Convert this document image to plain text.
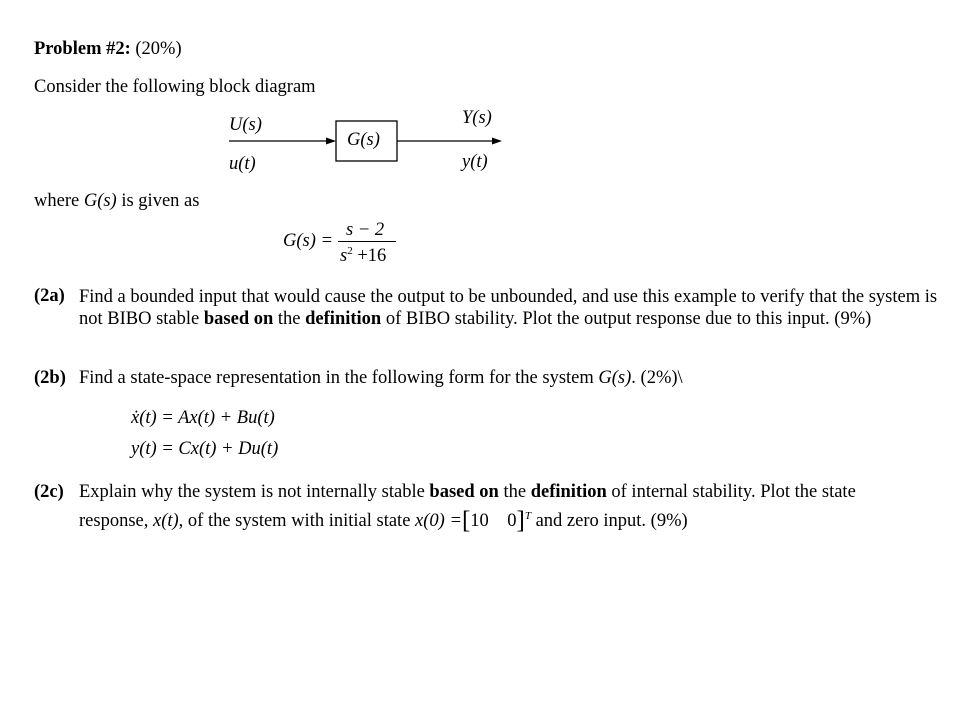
Problem #2: (20%)
Consider the following block diagram
U(s)
u(t)
G(s)
Y(s)
y(t)
where G(s) is given as
G(s) =
s − 2
$s^2 +16$
(2a) Find a bounded input that would cause the output to be unbounded, and use this example to verify that the system is not BIBO stable based on the definition of BIBO stability. Plot the output response due to this input. (9%)
(2b) Find a state-space representation in the following form for the system G(s). (2%)\
ẋ(t) = Ax(t) + Bu(t)
y(t) = Cx(t) + Du(t)
(2c) Explain why the system is not internally stable based on the definition of internal stability. Plot the state
response, x(t), of the system with initial state x(0) =[10    0]$^T$ and zero input. (9%)
